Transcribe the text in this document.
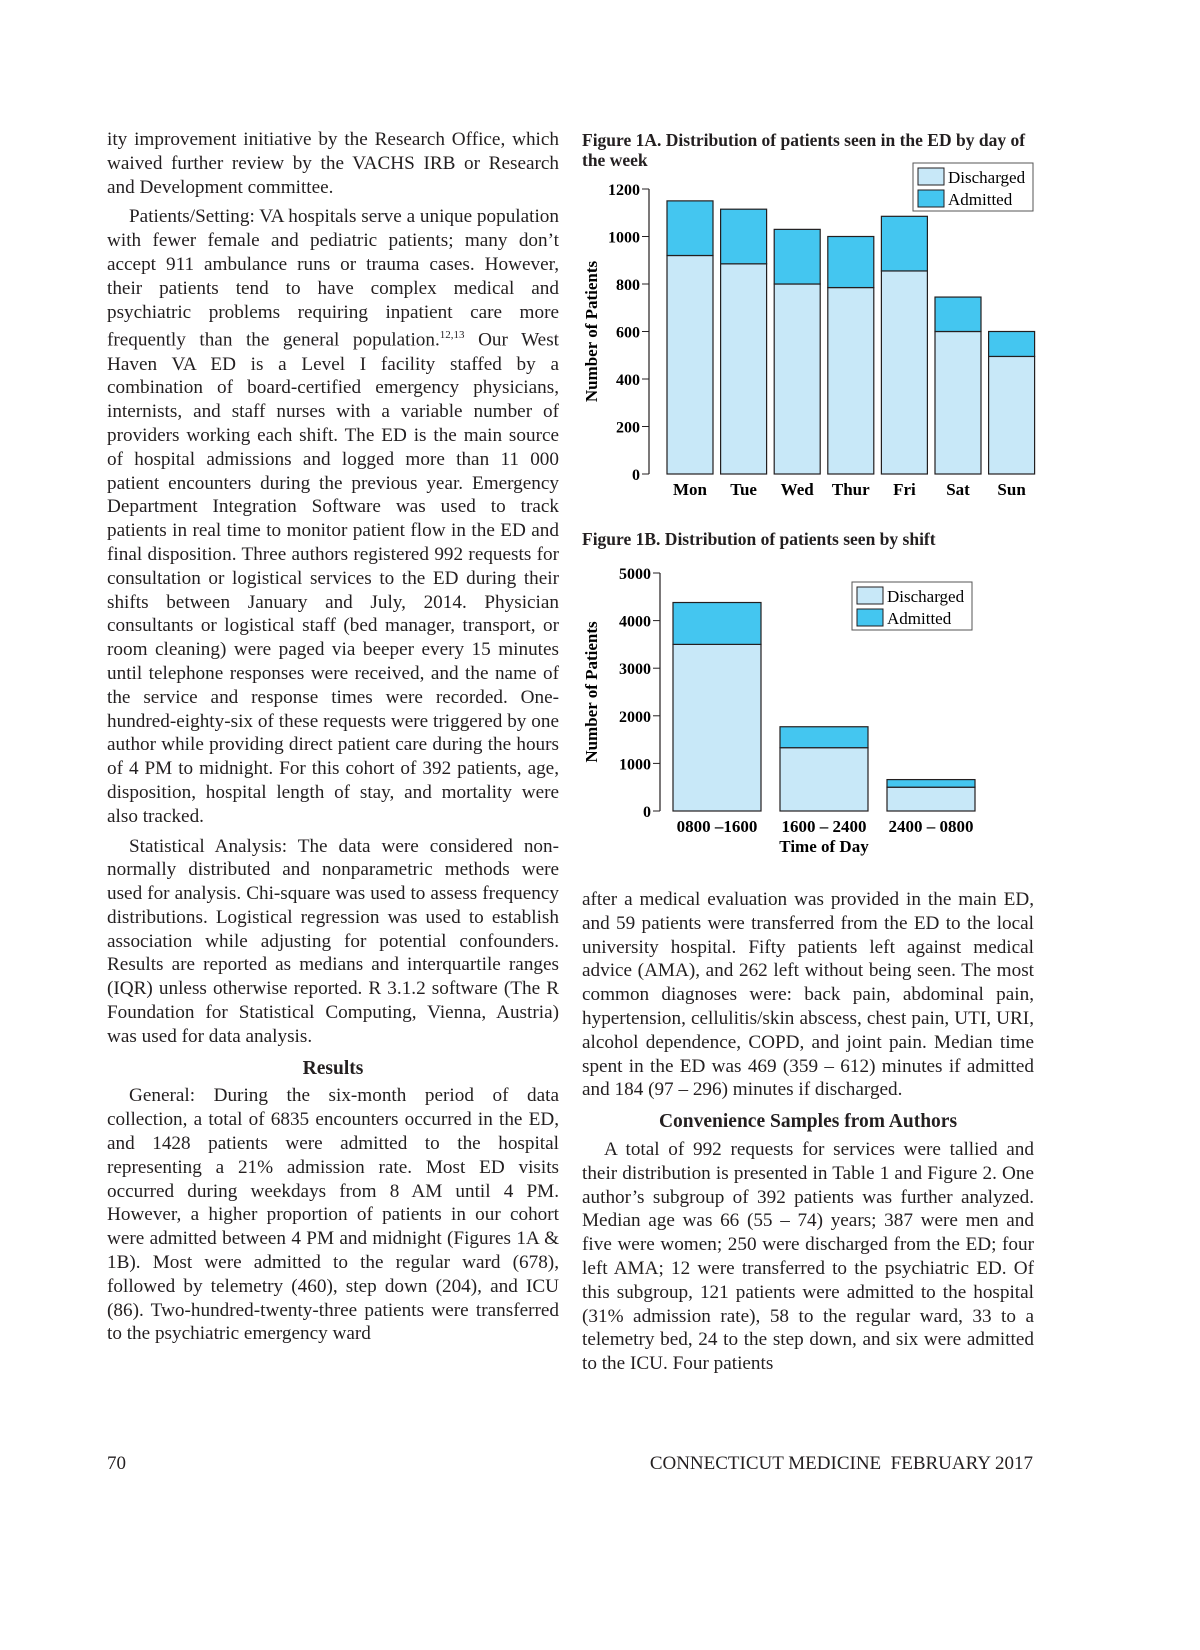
ity improvement initiative by the Research Office, which waived further review by the VACHS IRB or Research and Development committee.

Patients/Setting: VA hospitals serve a unique population with fewer female and pediatric patients; many don’t accept 911 ambulance runs or trauma cases. However, their patients tend to have complex medical and psychiatric problems requiring inpatient care more frequently than the general population.$^{12,13}$ Our West Haven VA ED is a Level I facility staffed by a combination of board-certified emergency physicians, internists, and staff nurses with a variable number of providers working each shift. The ED is the main source of hospital admissions and logged more than 11 000 patient encounters during the previous year. Emergency Department Integration Software was used to track patients in real time to monitor patient flow in the ED and final disposition. Three authors registered 992 requests for consultation or logistical services to the ED during their shifts between January and July, 2014. Physician consultants or logistical staff (bed manager, transport, or room cleaning) were paged via beeper every 15 minutes until telephone responses were received, and the name of the service and response times were recorded. One-hundred-eighty-six of these requests were triggered by one author while providing direct patient care during the hours of 4 PM to midnight. For this cohort of 392 patients, age, disposition, hospital length of stay, and mortality were also tracked.

Statistical Analysis: The data were considered non-normally distributed and nonparametric methods were used for analysis. Chi-square was used to assess frequency distributions. Logistical regression was used to establish association while adjusting for potential confounders. Results are reported as medians and interquartile ranges (IQR) unless otherwise reported. R 3.1.2 software (The R Foundation for Statistical Computing, Vienna, Austria) was used for data analysis.

Results

General: During the six-month period of data collection, a total of 6835 encounters occurred in the ED, and 1428 patients were admitted to the hospital representing a 21% admission rate. Most ED visits occurred during weekdays from 8 AM until 4 PM. However, a higher proportion of patients in our cohort were admitted between 4 PM and midnight (Figures 1A & 1B). Most were admitted to the regular ward (678), followed by telemetry (460), step down (204), and ICU (86). Two-hundred-twenty-three patients were transferred to the psychiatric emergency ward

Figure 1A. Distribution of patients seen in the ED by day of the week
0
200
400
600
800
1000
1200
Number of Patients
Mon Tue Wed Thur Fri Sat Sun
Discharged
Admitted
Figure 1B. Distribution of patients seen by shift
0
1000
2000
3000
4000
5000
Number of Patients
0800 –1600 1600 – 2400 2400 – 0800
Time of Day
Discharged
Admitted

after a medical evaluation was provided in the main ED, and 59 patients were transferred from the ED to the local university hospital. Fifty patients left against medical advice (AMA), and 262 left without being seen. The most common diagnoses were: back pain, abdominal pain, hypertension, cellulitis/skin abscess, chest pain, UTI, URI, alcohol dependence, COPD, and joint pain. Median time spent in the ED was 469 (359 – 612) minutes if admitted and 184 (97 – 296) minutes if discharged.

Convenience Samples from Authors

A total of 992 requests for services were tallied and their distribution is presented in Table 1 and Figure 2. One author’s subgroup of 392 patients was further analyzed. Median age was 66 (55 – 74) years; 387 were men and five were women; 250 were discharged from the ED; four left AMA; 12 were transferred to the psychiatric ED. Of this subgroup, 121 patients were admitted to the hospital (31% admission rate), 58 to the regular ward, 33 to a telemetry bed, 24 to the step down, and six were admitted to the ICU. Four patients

70	CONNECTICUT MEDICINE  FEBRUARY 2017
